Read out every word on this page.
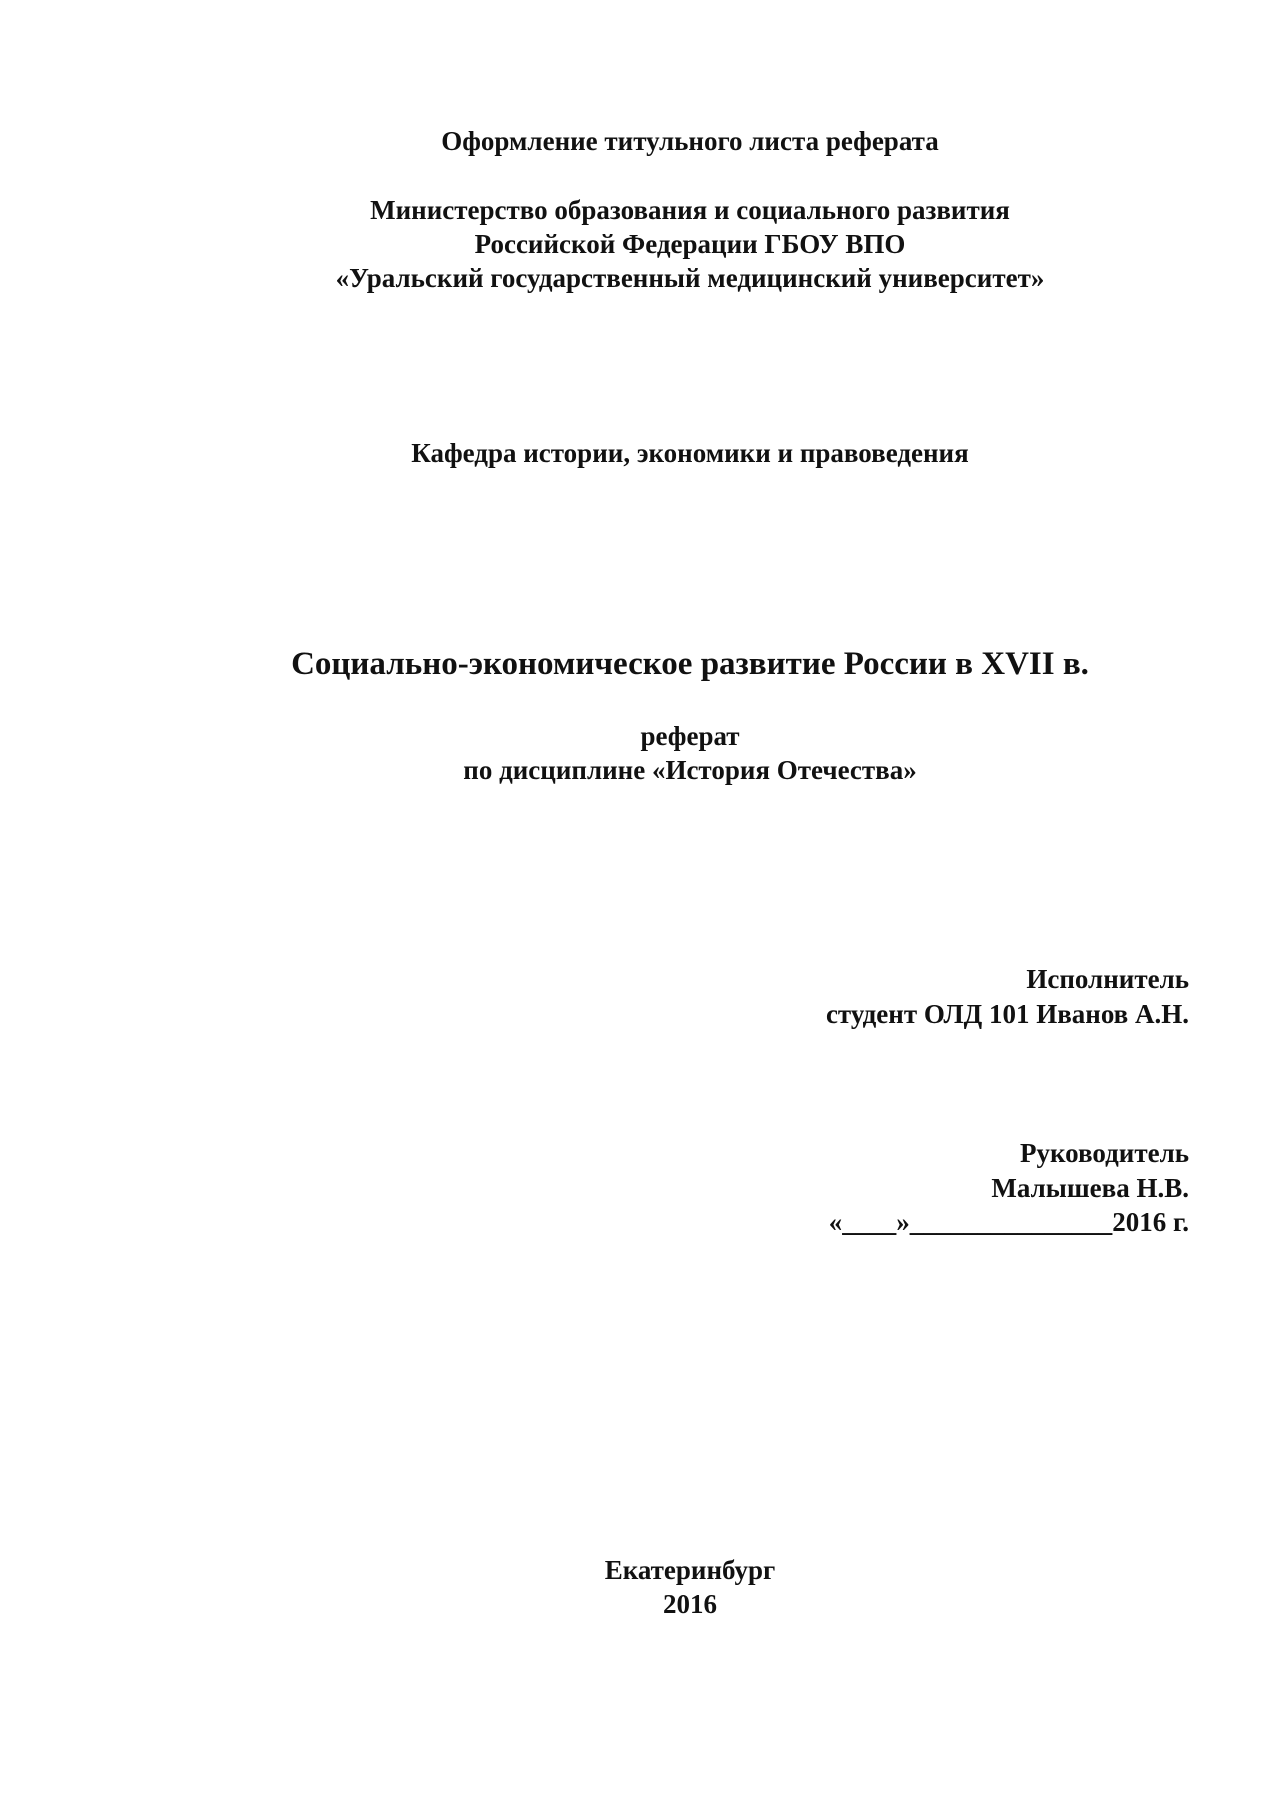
Оформление титульного листа реферата
Министерство образования и социального развития
Российской Федерации ГБОУ ВПО
«Уральский государственный медицинский университет»
Кафедра истории, экономики и правоведения
Социально-экономическое развитие России в XVII в.
реферат
по дисциплине «История Отечества»
Исполнитель
студент ОЛД 101 Иванов А.Н.
Руководитель
Малышева Н.В.
«____»_______________2016 г.
Екатеринбург
2016
